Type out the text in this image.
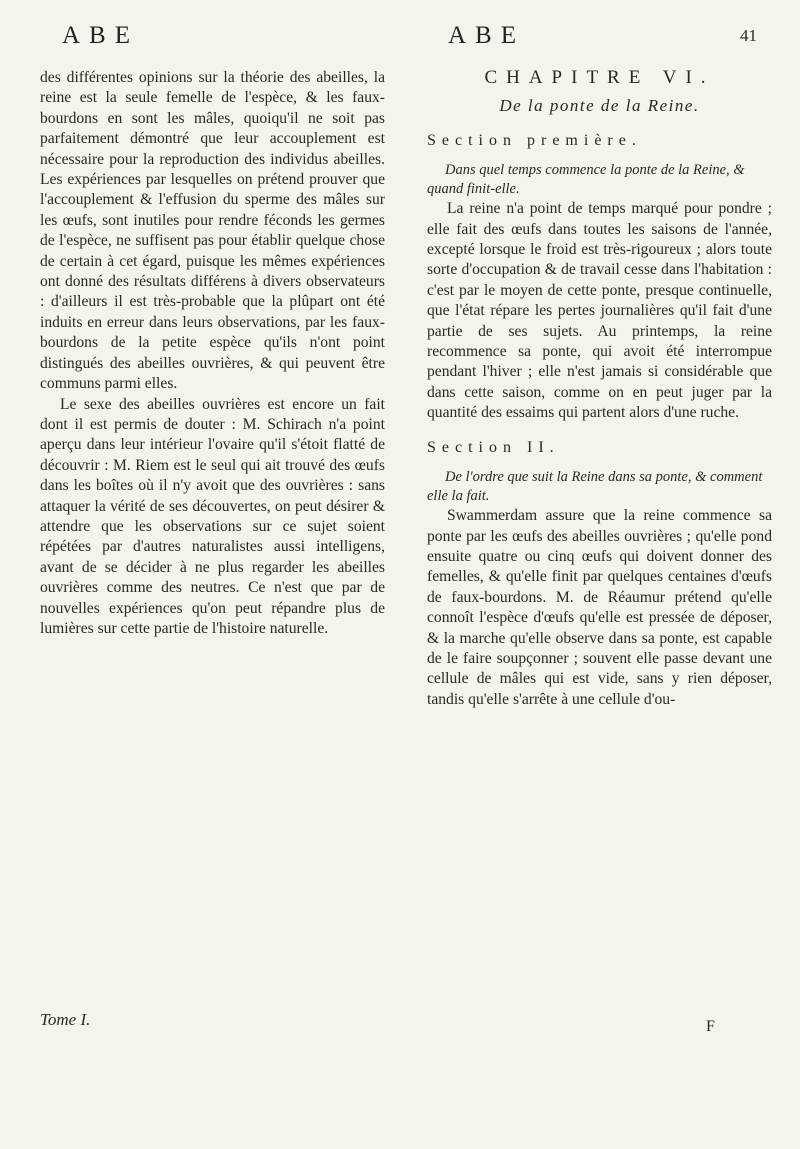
ABE	ABE	41

des différentes opinions sur la théorie des abeilles, la reine est la seule femelle de l'espèce, & les faux-bourdons en sont les mâles, quoiqu'il ne soit pas parfaitement démontré que leur accouplement est nécessaire pour la reproduction des individus abeilles. Les expériences par lesquelles on prétend prouver que l'accouplement & l'effusion du sperme des mâles sur les œufs, sont inutiles pour rendre féconds les germes de l'espèce, ne suffisent pas pour établir quelque chose de certain à cet égard, puisque les mêmes expériences ont donné des résultats différens à divers observateurs : d'ailleurs il est très-probable que la plûpart ont été induits en erreur dans leurs observations, par les faux-bourdons de la petite espèce qu'ils n'ont point distingués des abeilles ouvrières, & qui peuvent être communs parmi elles.

Le sexe des abeilles ouvrières est encore un fait dont il est permis de douter : M. Schirach n'a point aperçu dans leur intérieur l'ovaire qu'il s'étoit flatté de découvrir : M. Riem est le seul qui ait trouvé des œufs dans les boîtes où il n'y avoit que des ouvrières : sans attaquer la vérité de ses découvertes, on peut désirer & attendre que les observations sur ce sujet soient répétées par d'autres naturalistes aussi intelligens, avant de se décider à ne plus regarder les abeilles ouvrières comme des neutres. Ce n'est que par de nouvelles expériences qu'on peut répandre plus de lumières sur cette partie de l'histoire naturelle.

CHAPITRE VI.
De la ponte de la Reine.
Section première.

Dans quel temps commence la ponte de la Reine, & quand finit-elle.

La reine n'a point de temps marqué pour pondre ; elle fait des œufs dans toutes les saisons de l'année, excepté lorsque le froid est très-rigoureux ; alors toute sorte d'occupation & de travail cesse dans l'habitation : c'est par le moyen de cette ponte, presque continuelle, que l'état répare les pertes journalières qu'il fait d'une partie de ses sujets. Au printemps, la reine recommence sa ponte, qui avoit été interrompue pendant l'hiver ; elle n'est jamais si considérable que dans cette saison, comme on en peut juger par la quantité des essaims qui partent alors d'une ruche.

Section II.

De l'ordre que suit la Reine dans sa ponte, & comment elle la fait.

Swammerdam assure que la reine commence sa ponte par les œufs des abeilles ouvrières ; qu'elle pond ensuite quatre ou cinq œufs qui doivent donner des femelles, & qu'elle finit par quelques centaines d'œufs de faux-bourdons. M. de Réaumur prétend qu'elle connoît l'espèce d'œufs qu'elle est pressée de déposer, & la marche qu'elle observe dans sa ponte, est capable de le faire soupçonner ; souvent elle passe devant une cellule de mâles qui est vide, sans y rien déposer, tandis qu'elle s'arrête à une cellule d'ou-

Tome I.	F
